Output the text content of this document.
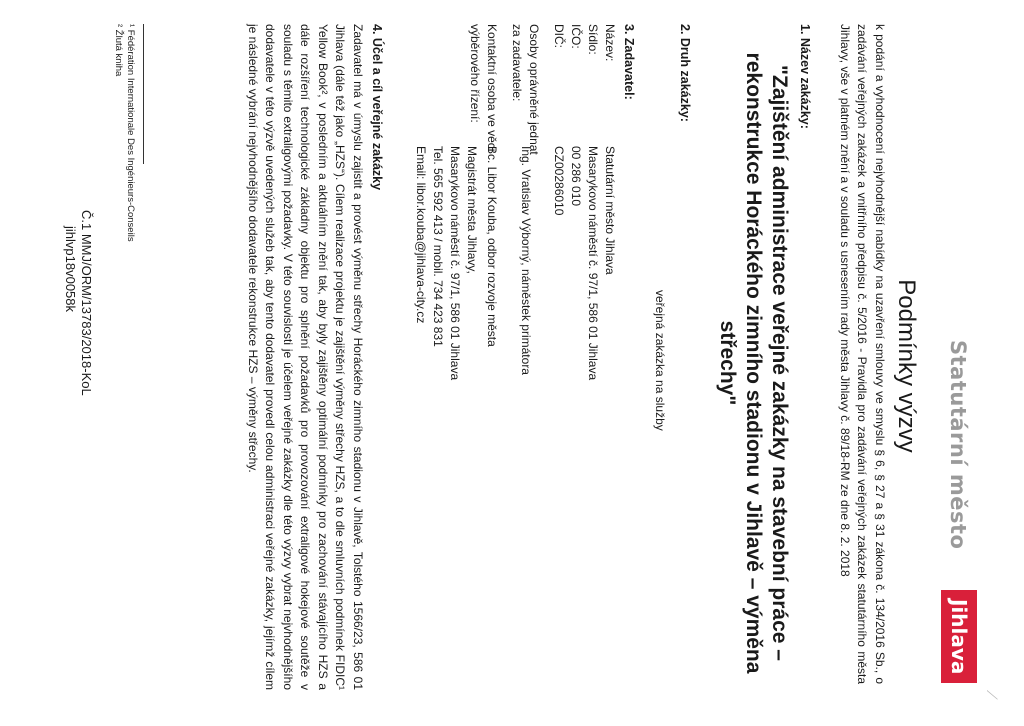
⟋
Statutární město
Jihlava
Podmínky výzvy
k podání a vyhodnocení nejvhodnější nabídky na uzavření smlouvy ve smyslu § 6, § 27 a § 31 zákona č. 134/2016 Sb., o zadávání veřejných zakázek a vnitřního předpisu č. 5/2016 - Pravidla pro zadávání veřejných zakázek statutárního města Jihlavy, vše v platném znění a v souladu s usnesením rady města Jihlavy č. 89/18-RM ze dne 8. 2. 2018
1. Název zakázky:
"Zajištění administrace veřejné zakázky na stavební práce – rekonstrukce Horáckého zimního stadionu v Jihlavě – výměna střechy"
2. Druh zakázky:
veřejná zakázka na služby
3. Zadavatel:
Název:
Statutární město Jihlava
Sídlo:
Masarykovo náměstí č. 97/1, 586 01 Jihlava
IČO:
00 286 010
DIČ:
CZ00286010
Osoby oprávněné jednat
za zadavatele:
Ing. Vratislav Výborný, náměstek primátora
Kontaktní osoba ve věci
výběrového řízení:
Bc. Libor Kouba, odbor rozvoje města
Magistrát města Jihlavy,
Masarykovo náměstí č. 97/1, 586 01 Jihlava
Tel. 565 592 413 / mobil. 734 423 831
Email: libor.kouba@jihlava-city.cz
4. Účel a cíl veřejné zakázky
Zadavatel má v úmyslu zajistit a provést výměnu střechy Horáckého zimního stadionu v Jihlavě, Tolstého 1566/23, 586 01 Jihlava (dále též jako „HZS“). Cílem realizace projektu je zajištění výměny střechy HZS, a to dle smluvních podmínek FIDIC¹ Yellow Book², v posledním a aktuálním znění tak, aby byly zajištěny optimální podmínky pro zachování stávajícího HZS a dále rozšíření technologické základny objektu pro splnění požadavků pro provozování extraligové hokejové soutěže v souladu s těmito extraligovými požadavky. V této souvislosti je účelem veřejné zakázky dle této výzvy vybrat nejvhodnějšího dodavatele v této výzvě uvedených služeb tak, aby tento dodavatel provedl celou administraci veřejné zakázky, jejímž cílem je následné vybrání nejvhodnějšího dodavatele rekonstrukce HZS – výměny střechy.
¹ Fédération Internationale Des Ingénieurs-Conseils
² Žlutá kniha
Č.1 MMJ/ORM/13783/2018-KoL
jihlvp18v0058k
